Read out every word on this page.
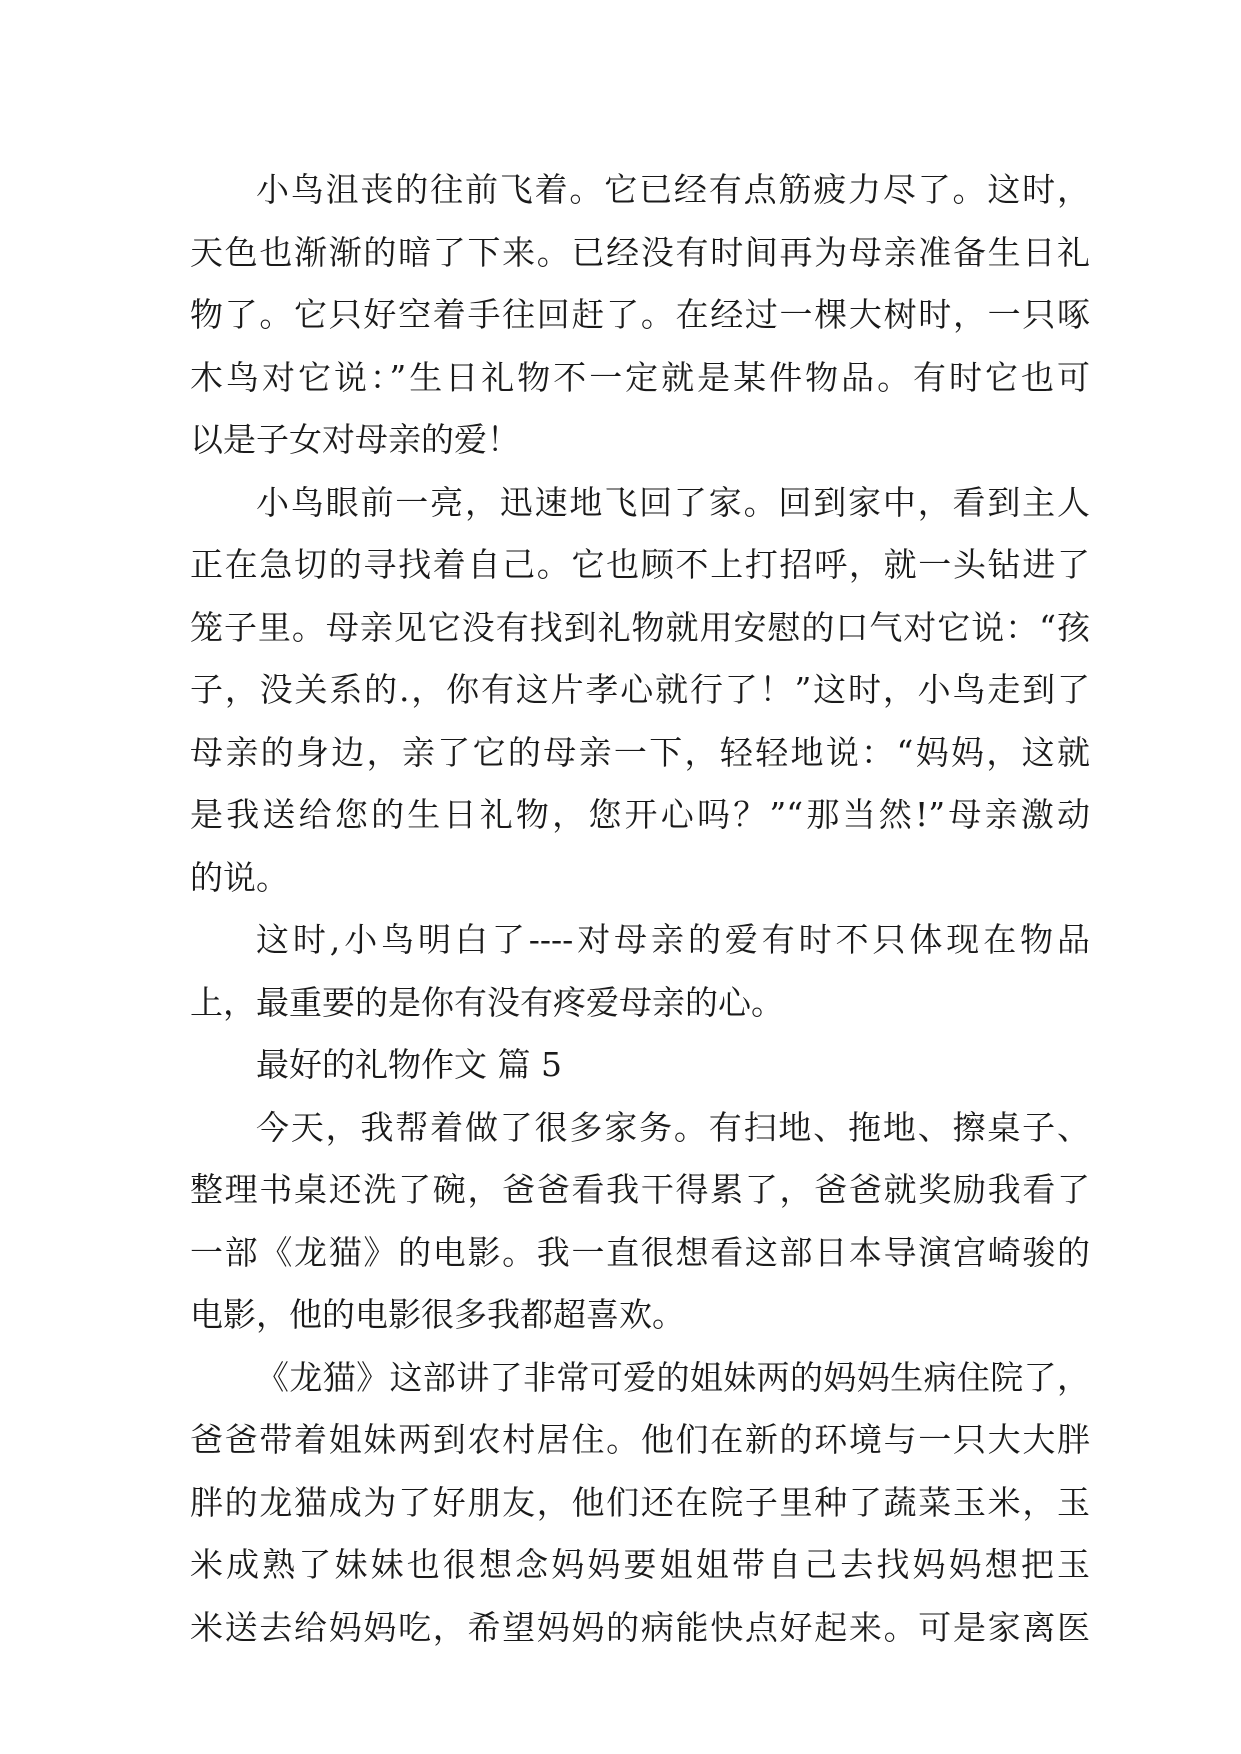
小鸟沮丧的往前飞着。它已经有点筋疲力尽了。这时，
天色也渐渐的暗了下来。已经没有时间再为母亲准备生日礼
物了。它只好空着手往回赶了。在经过一棵大树时，一只啄
木鸟对它说：”生日礼物不一定就是某件物品。有时它也可
以是子女对母亲的爱！
小鸟眼前一亮，迅速地飞回了家。回到家中，看到主人
正在急切的寻找着自己。它也顾不上打招呼，就一头钻进了
笼子里。母亲见它没有找到礼物就用安慰的口气对它说：“孩
子，没关系的.，你有这片孝心就行了！”这时，小鸟走到了
母亲的身边，亲了它的母亲一下，轻轻地说：“妈妈，这就
是我送给您的生日礼物，您开心吗？”“那当然!”母亲激动
的说。
这时,小鸟明白了----对母亲的爱有时不只体现在物品
上，最重要的是你有没有疼爱母亲的心。
最好的礼物作文 篇 5
今天，我帮着做了很多家务。有扫地、拖地、擦桌子、
整理书桌还洗了碗，爸爸看我干得累了，爸爸就奖励我看了
一部《龙猫》的电影。我一直很想看这部日本导演宫崎骏的
电影，他的电影很多我都超喜欢。
《龙猫》这部讲了非常可爱的姐妹两的妈妈生病住院了，
爸爸带着姐妹两到农村居住。他们在新的环境与一只大大胖
胖的龙猫成为了好朋友，他们还在院子里种了蔬菜玉米，玉
米成熟了妹妹也很想念妈妈要姐姐带自己去找妈妈想把玉
米送去给妈妈吃，希望妈妈的病能快点好起来。可是家离医
